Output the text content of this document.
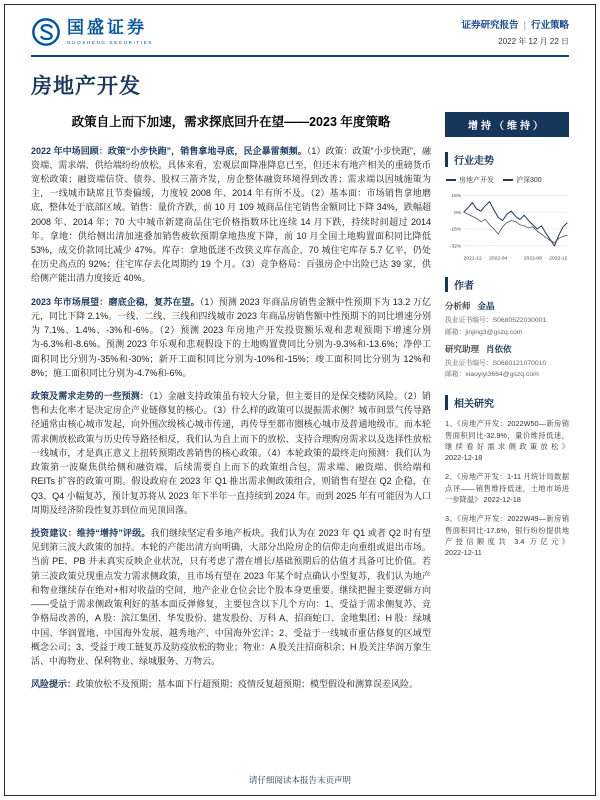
国盛证券
GUOSHENG SECURITIES
证券研究报告 | 行业策略
2022 年 12 月 22 日
房地产开发
政策自上而下加速，需求探底回升在望——2023 年度策略

2022 年中场回顾：政策“小步快跑”，销售拿地寻底，民企暴雷频频。（1）政策：政策“小步快跑”，融资端、需求端、供给端纷纷放松。具体来看，宏观层面降准降息已至，但还未有地产相关的重磅货币宽松政策；融资端信贷、债券、股权三箭齐发，房企整体融资环境得到改善；需求端以因城施策为主，一线城市缺席且节奏偏缓，力度较 2008 年、2014 年有所不及。（2）基本面：市场销售拿地磨底，整体处于底部区域。销售：量价齐跌，前 10 月 109 城商品住宅销售金额同比下降 34%，跌幅超 2008 年、2014 年；70 大中城市新建商品住宅价格指数环比连续 14 月下跌，持续时间超过 2014 年。拿地：供给侧出清加速叠加销售疲软预期拿地热度下降，前 10 月全国土地购置面积同比降低 53%，成交价款同比减少 47%。库存：拿地低迷不改狭义库存高企，70 城住宅库存 5.7 亿平，仍处在历史高点的 92%；住宅库存去化周期约 19 个月。（3）竞争格局：百强房企中出险已达 39 家，供给侧产能出清力度接近 40%。

2023 年市场展望：磨底企稳，复苏在望。（1）预测 2023 年商品房销售金额中性预期下为 13.2 万亿元，同比下降 2.1%。一线、二线、三线和四线城市 2023 年商品房销售额中性预期下的同比增速分别为 7.1%、1.4%、-3%和-6%。（2）预测 2023 年房地产开发投资额乐观和悲观预期下增速分别为-6.3%和-8.6%。预测 2023 年乐观和悲观假设下的土地购置费同比分别为-9.3%和-13.6%；净停工面积同比分别为-35%和-30%；新开工面积同比分别为-10%和-15%；竣工面积同比分别为 12%和 8%；施工面积同比分别为-4.7%和-6%。

政策及需求走势的一些预测：（1）金融支持政策虽有较大分量，但主要目的是保交楼防风险。（2）销售和去化率才是决定房企产业链修复的核心。（3）什么样的政策可以提振需求侧？城市间景气传导路径通常由核心城市发起，向外围次级核心城市传递，再传导至都市圈核心城市及普通地级市。而本轮需求侧放松政策与历史传导路径相反，我们认为自上而下的放松、支持合理购房需求以及选择性放松一线城市，才是真正意义上扭转预期改善销售的核心政策。（4）本轮政策的最终走向预测：我们认为政策第一波聚焦供给侧和融资端，后续需要自上而下的政策组合包，需求端、融资端、供给端和 REITs 扩容的政策可期。假设政府在 2023 年 Q1 推出需求侧政策组合，则销售有望在 Q2 企稳，在 Q3、Q4 小幅复苏，预计复苏将从 2023 年下半年一直持续到 2024 年。而到 2025 年有可能因为人口周期及经济阶段性复苏到位而见顶回落。

投资建议：维持“增持”评级。我们继续坚定看多地产板块。我们认为在 2023 年 Q1 或者 Q2 时有望见到第三波大政策的加持。本轮的产能出清方向明确，大部分出险房企的信仰走向重组或退出市场。当前 PE、PB 并未真实反映企业状况，只有考虑了潜在增长/基础预期后的估值才具备可比价值。若第三波政策兑现重点发力需求侧政策，且市场有望在 2023 年某个时点确认小型复苏，我们认为地产和物业继续存在绝对+相对收益的空间，地产企业仓位会比个股本身更重要。继续把握主要逻辑方向——受益于需求侧政策利好的基本面反弹修复，主要包含以下几个方向：1、受益于需求侧复苏、竞争格局改善的，A 股：滨江集团、华发股份、建发股份、万科 A、招商蛇口、金地集团；H 股：绿城中国、华润置地、中国海外发展、越秀地产、中国海外宏洋；2、受益于一线城市重估修复的区域型概念公司；3、受益于竣工链复苏及防疫放松的物业；物业：A 股关注招商积余；H 股关注华润万象生活、中海物业、保利物业、绿城服务、万物云。

风险提示：政策放松不及预期；基本面下行超预期；疫情反复超预期；模型假设和测算误差风险。

增持（维持）
行业走势
房地产开发	沪深300
16%
0%
-16%
-32%
2021-12 2022-04	2022-08 2022-12
作者
分析师 金晶
执业证书编号：S0680522030001
邮箱：jinjing3@gszq.com
研究助理 肖依依
执业证书编号：S0680121070010
邮箱：xiaoyiyi3664@gszq.com
相关研究
1、《房地产开发：2022W50—新房销售面积同比-32.9%，量价维持低迷，继续看好需求侧政策放松》 2022-12-18
2、《房地产开发：1-11 月统计局数据点评——销售维持低迷，土地市场进一步降温》 2022-12-18
3、《房地产开发：2022W49—新房销售面积同比-17.6%，银行纷纷提供地产授信额度共 3.4 万亿元》 2022-12-11
请仔细阅读本报告末页声明
